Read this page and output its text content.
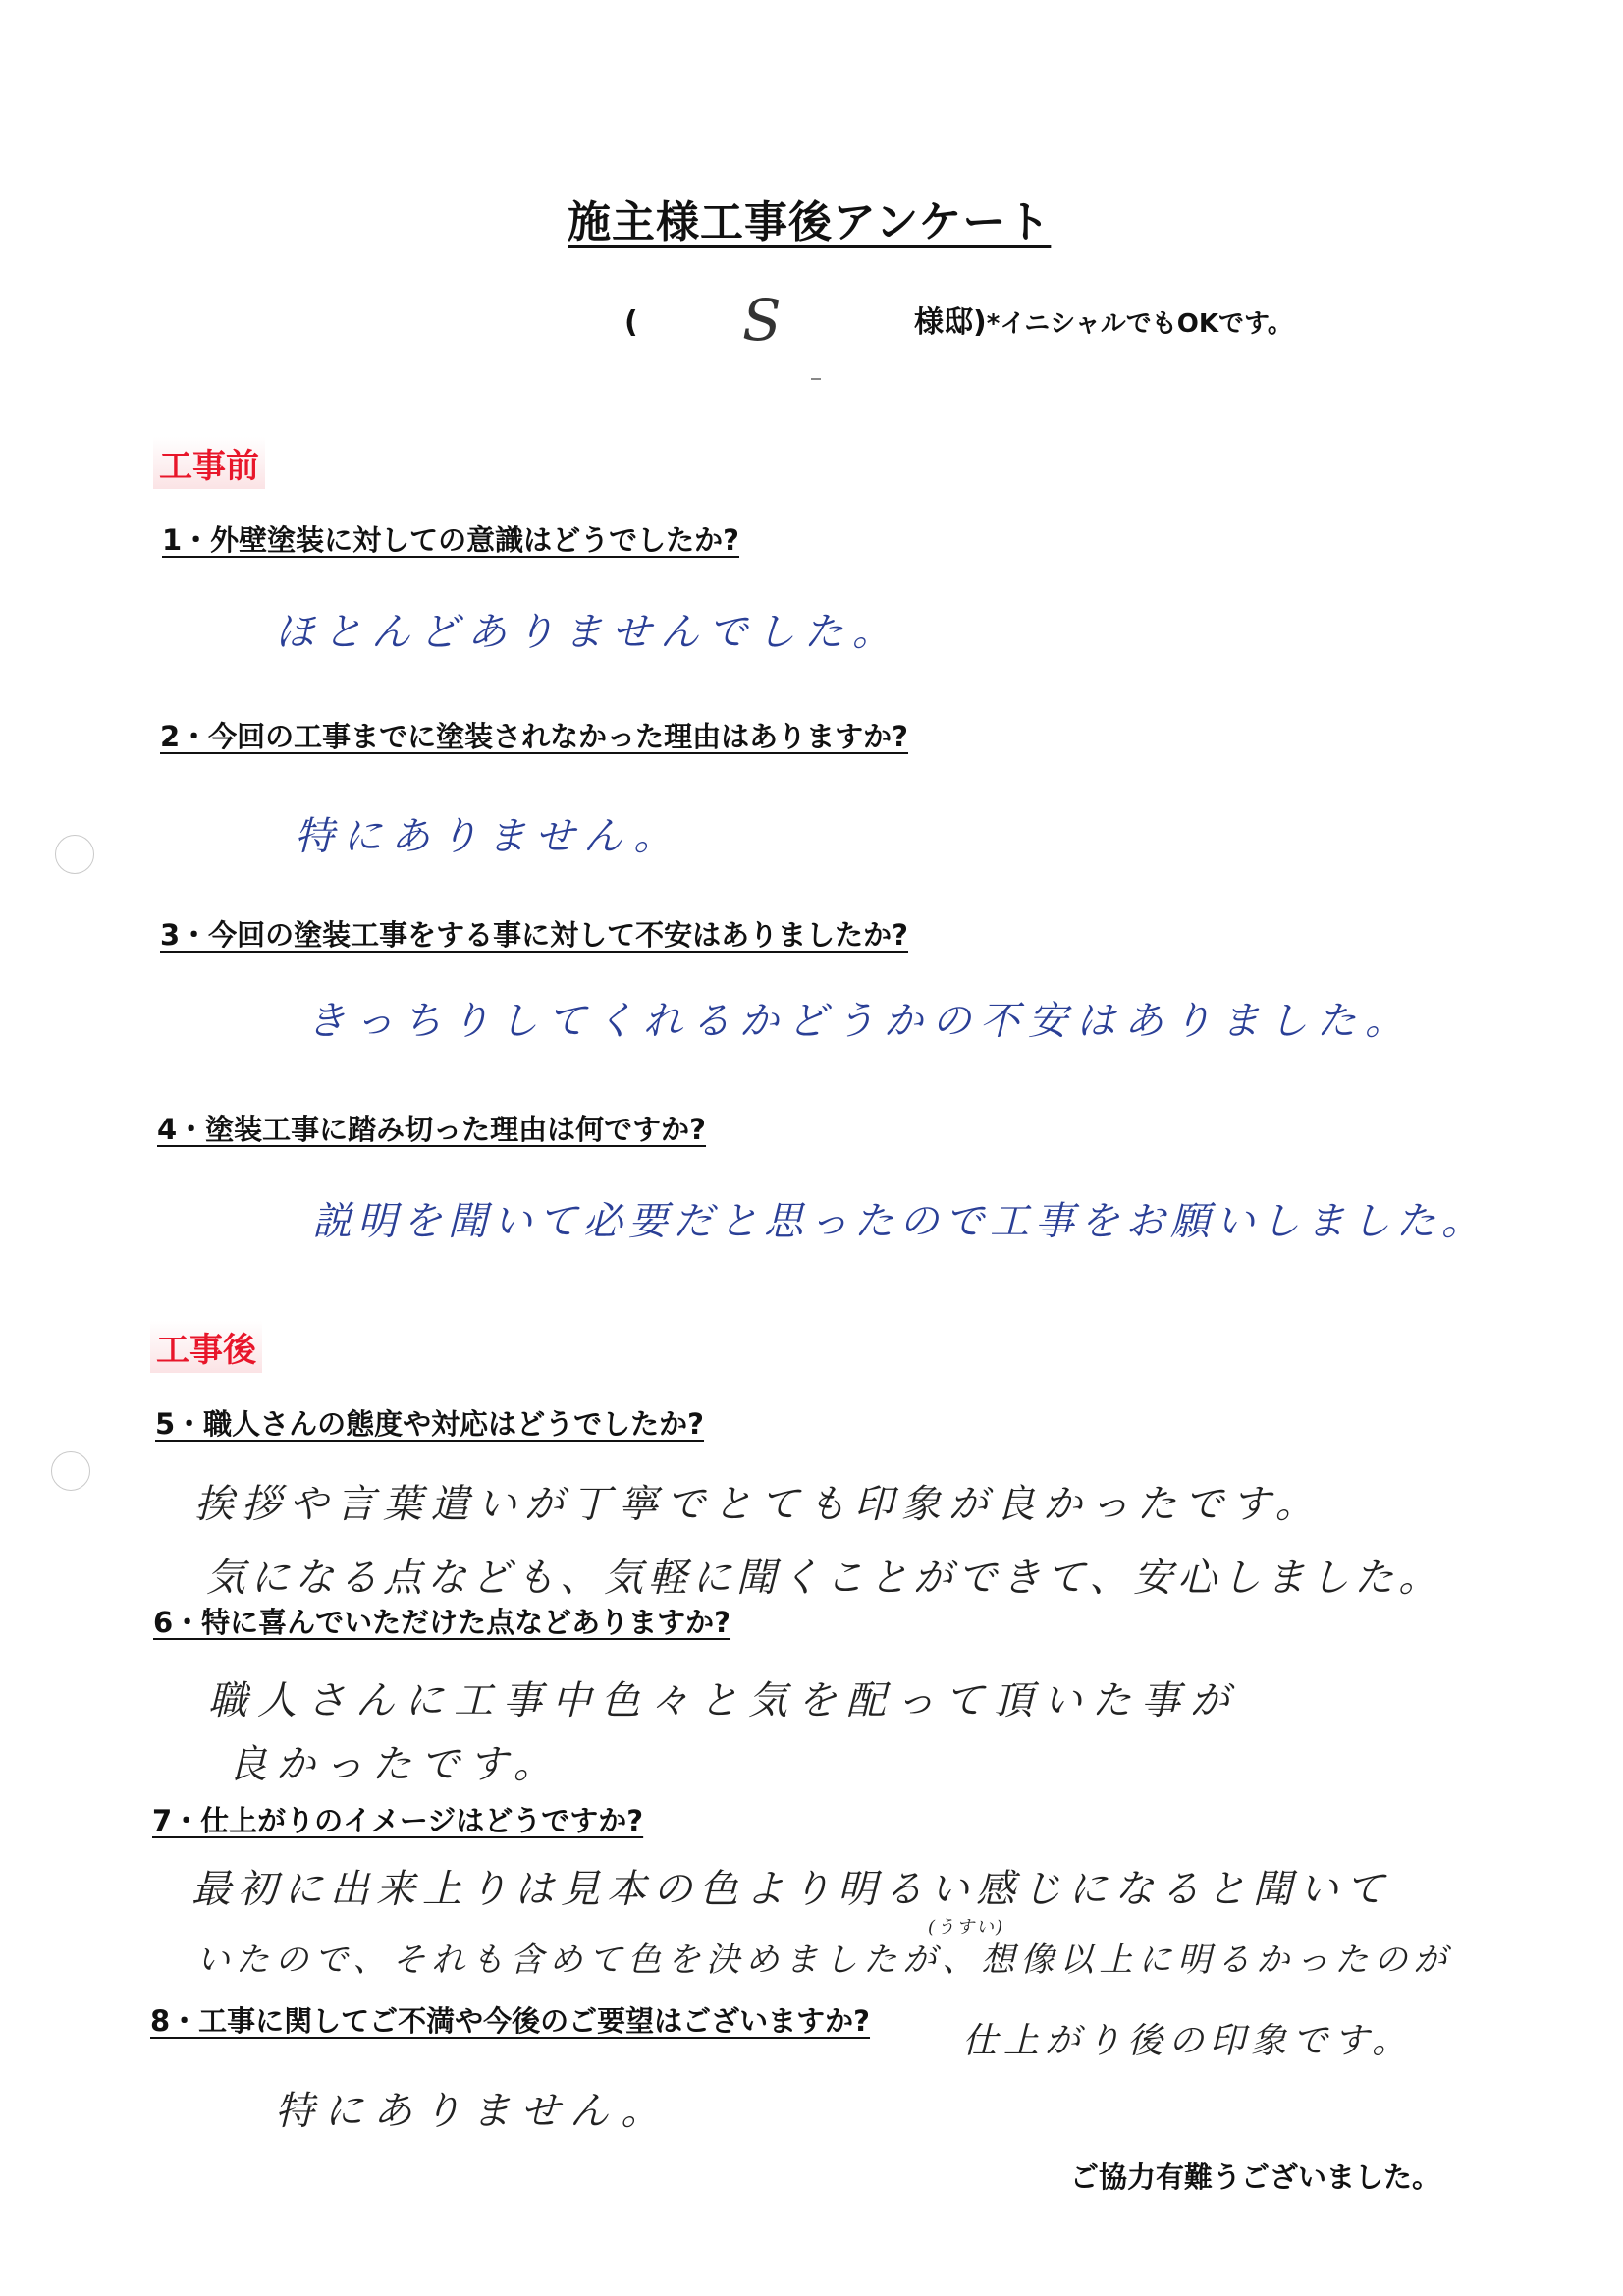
施主様工事後アンケート
( S	様邸)*イニシャルでもOKです。
工事前
1・外壁塗装に対しての意識はどうでしたか?
ほとんどありませんでした。
2・今回の工事までに塗装されなかった理由はありますか?
特にありません。
3・今回の塗装工事をする事に対して不安はありましたか?
きっちりしてくれるかどうかの不安はありました。
4・塗装工事に踏み切った理由は何ですか?
説明を聞いて必要だと思ったので工事をお願いしました。
工事後
5・職人さんの態度や対応はどうでしたか?
挨拶や言葉遣いが丁寧でとても印象が良かったです。
気になる点なども、気軽に聞くことができて、安心しました。
6・特に喜んでいただけた点などありますか?
職人さんに工事中色々と気を配って頂いた事が
良かったです。
7・仕上がりのイメージはどうですか?
最初に出来上りは見本の色より明るい感じになると聞いて
(うすい)
いたので、それも含めて色を決めましたが、想像以上に明るかったのが
8・工事に関してご不満や今後のご要望はございますか?	仕上がり後の印象です。
特にありません。
ご協力有難うございました。
